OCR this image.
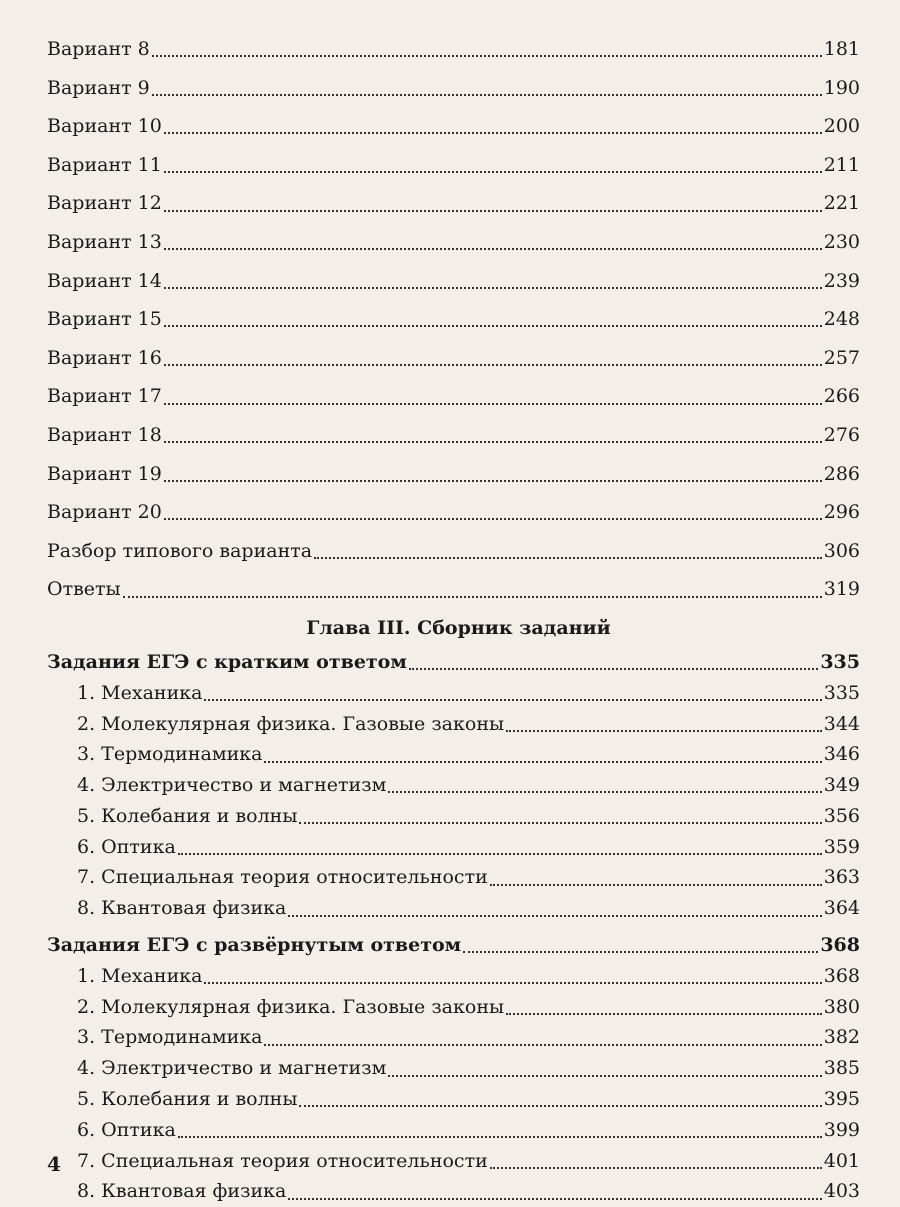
Вариант 8	181
Вариант 9	190
Вариант 10	200
Вариант 11	211
Вариант 12	221
Вариант 13	230
Вариант 14	239
Вариант 15	248
Вариант 16	257
Вариант 17	266
Вариант 18	276
Вариант 19	286
Вариант 20	296
Разбор типового варианта	306
Ответы	319
Глава III. Сборник заданий
Задания ЕГЭ с кратким ответом	335
1. Механика	335
2. Молекулярная физика. Газовые законы	344
3. Термодинамика	346
4. Электричество и магнетизм	349
5. Колебания и волны	356
6. Оптика	359
7. Специальная теория относительности	363
8. Квантовая физика	364
Задания ЕГЭ с развёрнутым ответом	368
1. Механика	368
2. Молекулярная физика. Газовые законы	380
3. Термодинамика	382
4. Электричество и магнетизм	385
5. Колебания и волны	395
6. Оптика	399
7. Специальная теория относительности	401
8. Квантовая физика	403
4
